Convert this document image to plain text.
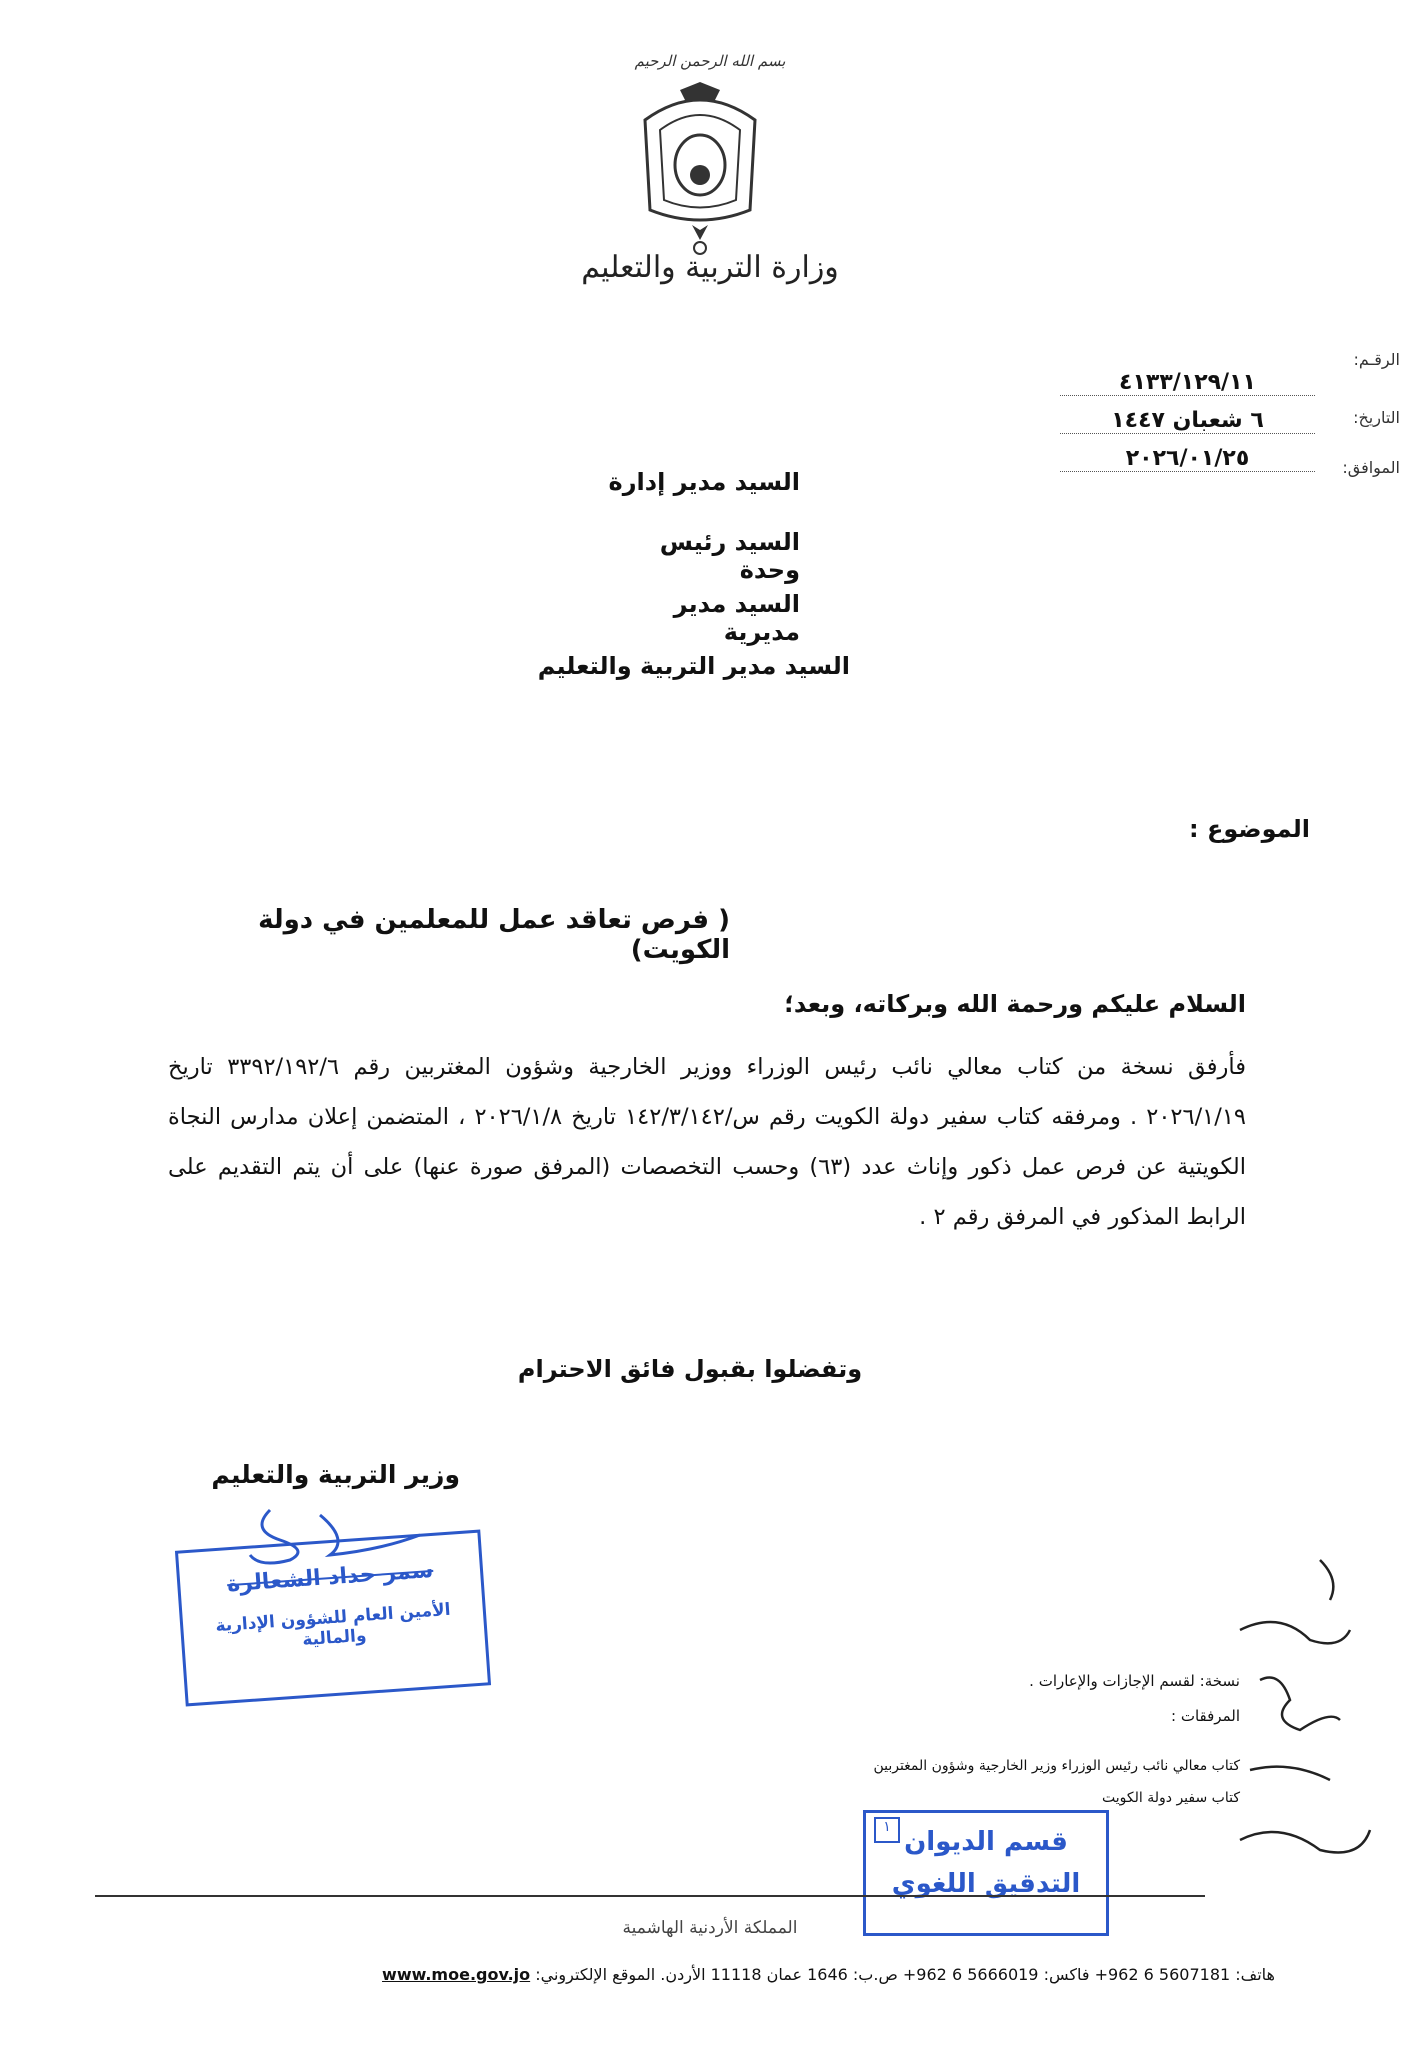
بسم الله الرحمن الرحيم
وزارة التربية والتعليم
الرقـم:
٤١٣٣/١٢٩/١١
التاريخ:
٦ شعبان ١٤٤٧
الموافق:
٢٠٢٦/٠١/٢٥
السيد مدير إدارة
السيد رئيس وحدة
السيد مدير مديرية
السيد مدير التربية والتعليم
الموضوع :
( فرص تعاقد عمل للمعلمين في دولة الكويت)
السلام عليكم ورحمة الله وبركاته، وبعد؛
فأرفق نسخة من كتاب معالي نائب رئيس الوزراء ووزير الخارجية وشؤون المغتربين رقم ٣٣٩٢/١٩٢/٦ تاريخ ٢٠٢٦/١/١٩ . ومرفقه كتاب سفير دولة الكويت رقم س/١٤٢/٣/١٤٢ تاريخ ٢٠٢٦/١/٨ ، المتضمن إعلان مدارس النجاة الكويتية عن فرص عمل ذكور وإناث عدد (٦٣) وحسب التخصصات (المرفق صورة عنها) على أن يتم التقديم على الرابط المذكور في المرفق رقم ٢ .
وتفضلوا بقبول فائق الاحترام
وزير التربية والتعليم
سمر حداد الشعالرة
الأمين العام للشؤون الإدارية والمالية
نسخة: لقسم الإجازات والإعارات .
المرفقات :
كتاب معالي نائب رئيس الوزراء وزير الخارجية وشؤون المغتربين
كتاب سفير دولة الكويت
١ قسم الديوان
التدقيق اللغوي
المملكة الأردنية الهاشمية
هاتف: 5607181 6 962+ فاكس: 5666019 6 962+ ص.ب: 1646 عمان 11118 الأردن. الموقع الإلكتروني: www.moe.gov.jo
